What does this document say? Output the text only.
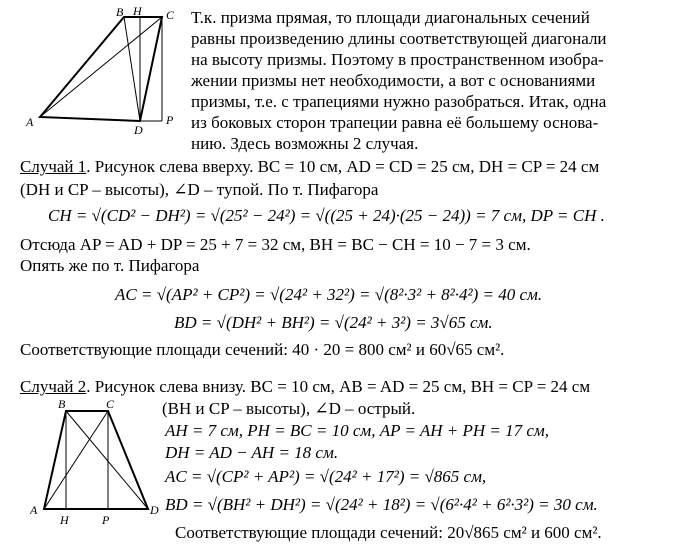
B H C
A
D
P
B	C
A
H	P
D
Т.к. призма прямая, то площади диагональных сечений
равны произведению длины соответствующей диагонали
на высоту призмы. Поэтому в пространственном изобра-
жении призмы нет необходимости, а вот с основаниями
призмы, т.е. с трапециями нужно разобраться. Итак, одна
из боковых сторон трапеции равна её большему основа-
нию. Здесь возможны 2 случая.
Случай 1. Рисунок слева вверху. BC = 10 см, AD = CD = 25 см, DH = CP = 24 см
(DH и CP – высоты), ∠D – тупой. По т. Пифагора
CH = √(CD² − DH²) = √(25² − 24²) = √((25 + 24)·(25 − 24)) = 7 см, DP = CH .
Отсюда AP = AD + DP = 25 + 7 = 32 см, BH = BC − CH = 10 − 7 = 3 см.
Опять же по т. Пифагора
AC = √(AP² + CP²) = √(24² + 32²) = √(8²·3² + 8²·4²) = 40 см.
BD = √(DH² + BH²) = √(24² + 3²) = 3√65 см.
Соответствующие площади сечений: 40 · 20 = 800 см² и 60√65 см².
Случай 2. Рисунок слева внизу. BC = 10 см, AB = AD = 25 см, BH = CP = 24 см
(BH и CP – высоты), ∠D – острый.
AH = 7 см, PH = BC = 10 см, AP = AH + PH = 17 см,
DH = AD − AH = 18 см.
AC = √(CP² + AP²) = √(24² + 17²) = √865 см,
BD = √(BH² + DH²) = √(24² + 18²) = √(6²·4² + 6²·3²) = 30 см.
Соответствующие площади сечений: 20√865 см² и 600 см².
